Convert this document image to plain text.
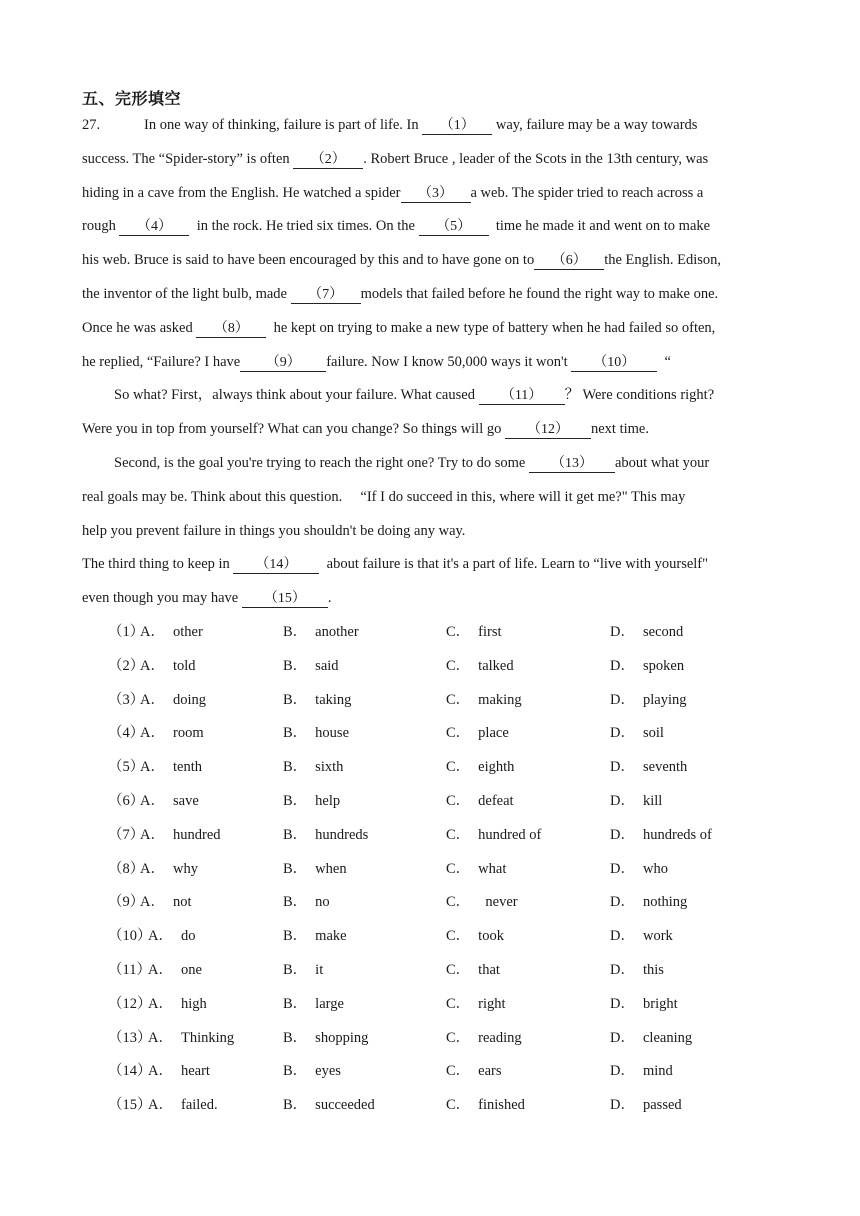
五、完形填空
27.	In one way of thinking, failure is part of life. In （1） way, failure may be a way towards
success. The “Spider-story” is often （2） . Robert Bruce , leader of the Scots in the 13th century, was
hiding in a cave from the English. He watched a spider （3） a web. The spider tried to reach across a
rough （4）  in the rock. He tried six times. On the （5）  time he made it and went on to make
his web. Bruce is said to have been encouraged by this and to have gone on to （6） the English. Edison,
the inventor of the light bulb, made （7） models that failed before he found the right way to make one.
Once he was asked （8）  he kept on trying to make a new type of battery when he had failed so often,
he replied, “Failure? I have （9） failure. Now I know 50,000 ways it won't （10）  “
So what? First，always think about your failure. What caused （11） ？ Were conditions right?
Were you in top from yourself? What can you change? So things will go （12） next time.
Second, is the goal you're trying to reach the right one? Try to do some （13） about what your
real goals may be. Think about this question.     “If I do succeed in this, where will it get me?" This may
help you prevent failure in things you shouldn't be doing any way.
The third thing to keep in （14）  about failure is that it's a part of life. Learn to “live with yourself"
even though you may have （15） .
（1）
A． other	B． another	C． first	D． second
（2）
A． told	B． said	C． talked	D． spoken
（3）
A． doing	B． taking	C． making	D． playing
（4）
A． room	B． house	C． place	D． soil
（5）
A． tenth	B． sixth	C． eighth	D． seventh
（6）
A． save	B． help	C． defeat	D． kill
（7）
A． hundred	B． hundreds	C． hundred of	D． hundreds of
（8）
A． why	B． when	C． what	D． who
（9）
A． not	B． no	C．  never	D． nothing
（10）
A． do	B． make	C． took	D． work
（11）
A． one	B． it	C． that	D． this
（12）
A． high	B． large	C． right	D． bright
（13）
A． Thinking	B． shopping	C． reading	D． cleaning
（14）
A． heart	B． eyes	C． ears	D． mind
（15）
A． failed.	B． succeeded	C． finished	D． passed
